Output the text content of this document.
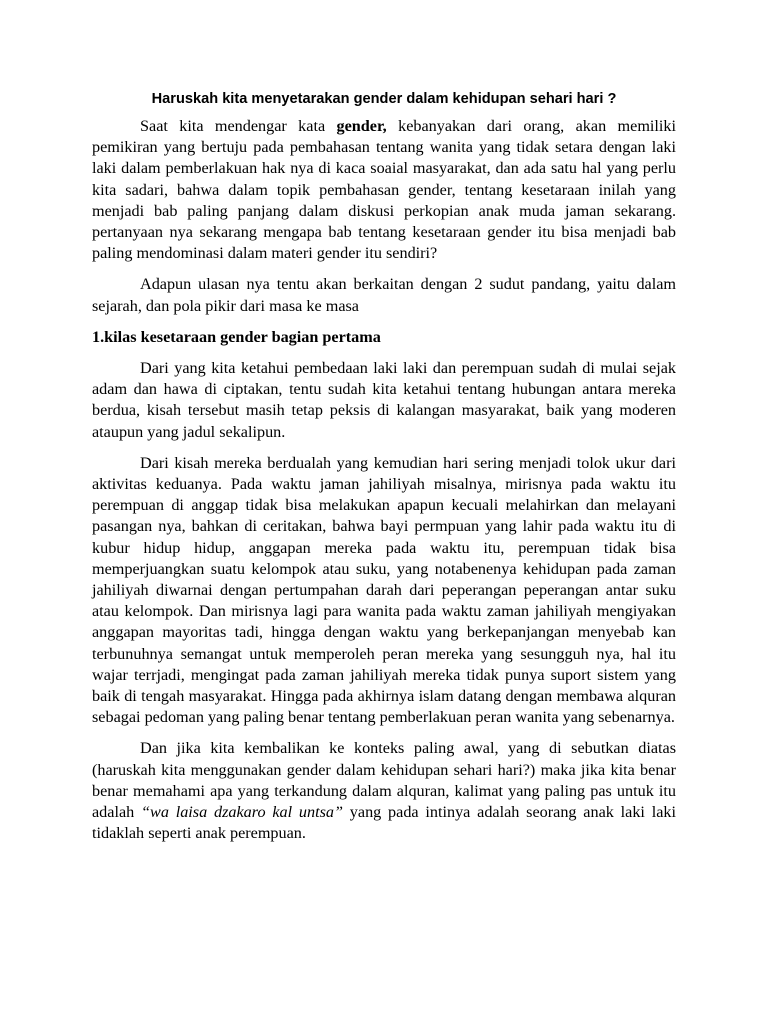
Haruskah kita menyetarakan gender dalam kehidupan sehari hari ?

Saat kita mendengar kata gender, kebanyakan dari orang, akan memiliki pemikiran yang bertuju pada pembahasan tentang wanita yang tidak setara dengan laki laki dalam pemberlakuan hak nya di kaca soaial masyarakat, dan ada satu hal yang perlu kita sadari, bahwa dalam topik pembahasan gender, tentang kesetaraan inilah yang menjadi bab paling panjang dalam diskusi perkopian anak muda jaman sekarang. pertanyaan nya sekarang mengapa bab tentang kesetaraan gender itu bisa menjadi bab paling mendominasi dalam materi gender itu sendiri?

Adapun ulasan nya tentu akan berkaitan dengan 2 sudut pandang, yaitu dalam sejarah, dan pola pikir dari masa ke masa

1.kilas kesetaraan gender bagian pertama

Dari yang kita ketahui pembedaan laki laki dan perempuan sudah di mulai sejak adam dan hawa di ciptakan, tentu sudah kita ketahui tentang hubungan antara mereka berdua, kisah tersebut masih tetap peksis di kalangan masyarakat, baik yang moderen ataupun yang jadul sekalipun.

Dari kisah mereka berdualah yang kemudian hari sering menjadi tolok ukur dari aktivitas keduanya. Pada waktu jaman jahiliyah misalnya, mirisnya pada waktu itu perempuan di anggap tidak bisa melakukan apapun kecuali melahirkan dan melayani pasangan nya, bahkan di ceritakan, bahwa bayi permpuan yang lahir pada waktu itu di kubur hidup hidup, anggapan mereka pada waktu itu, perempuan tidak bisa memperjuangkan suatu kelompok atau suku, yang notabenenya kehidupan pada zaman jahiliyah diwarnai dengan pertumpahan darah dari peperangan peperangan antar suku atau kelompok. Dan mirisnya lagi para wanita pada waktu zaman jahiliyah mengiyakan anggapan mayoritas tadi, hingga dengan waktu yang berkepanjangan menyebab kan terbunuhnya semangat untuk memperoleh peran mereka yang sesungguh nya, hal itu wajar terrjadi, mengingat pada zaman jahiliyah mereka tidak punya suport sistem yang baik di tengah masyarakat. Hingga pada akhirnya islam datang dengan membawa alquran sebagai pedoman yang paling benar tentang pemberlakuan peran wanita yang sebenarnya.

Dan jika kita kembalikan ke konteks paling awal, yang di sebutkan diatas (haruskah kita menggunakan gender dalam kehidupan sehari hari?) maka jika kita benar benar memahami apa yang terkandung dalam alquran, kalimat yang paling pas untuk itu adalah “wa laisa dzakaro kal untsa” yang pada intinya adalah seorang anak laki laki tidaklah seperti anak perempuan.
